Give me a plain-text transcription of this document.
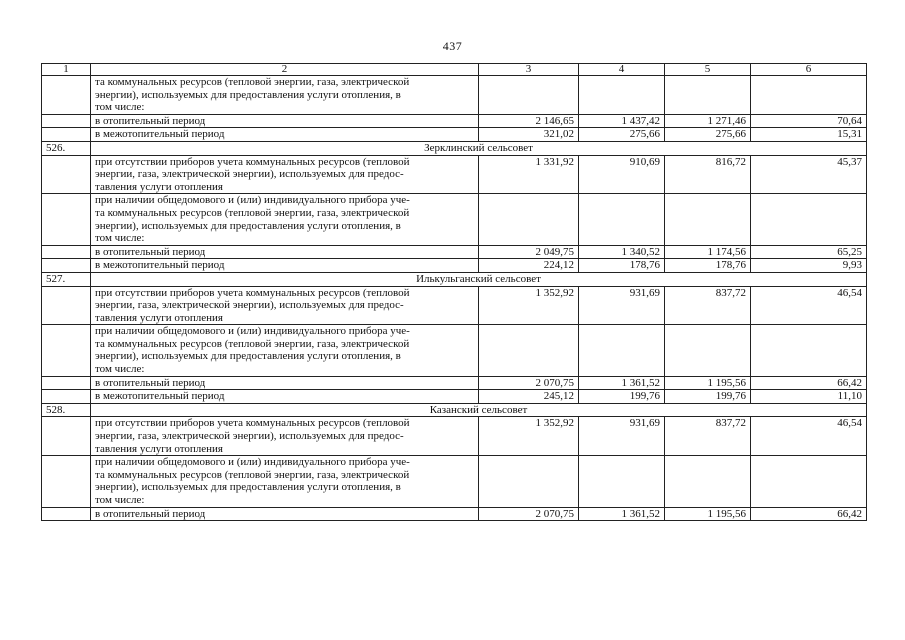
437
1	2	3	4	5	6

	та коммунальных ресурсов (тепловой энергии, газа, электрической
энергии), используемых для предоставления услуги отопления, в
том числе:				

	в отопительный период	2 146,65	1 437,42	1 271,46	70,64
	в межотопительный период	321,02	275,66	275,66	15,31
526.	Зерклинский сельсовет				

	при отсутствии приборов учета коммунальных ресурсов (тепловой
энергии, газа, электрической энергии), используемых для предос-
тавления услуги отопления	1 331,92	910,69	816,72	45,37

	при наличии общедомового и (или) индивидуального прибора уче-
та коммунальных ресурсов (тепловой энергии, газа, электрической
энергии), используемых для предоставления услуги отопления, в
том числе:				

	в отопительный период	2 049,75	1 340,52	1 174,56	65,25
	в межотопительный период	224,12	178,76	178,76	9,93
527.	Илькульганский сельсовет				

	при отсутствии приборов учета коммунальных ресурсов (тепловой
энергии, газа, электрической энергии), используемых для предос-
тавления услуги отопления	1 352,92	931,69	837,72	46,54

	при наличии общедомового и (или) индивидуального прибора уче-
та коммунальных ресурсов (тепловой энергии, газа, электрической
энергии), используемых для предоставления услуги отопления, в
том числе:				

	в отопительный период	2 070,75	1 361,52	1 195,56	66,42
	в межотопительный период	245,12	199,76	199,76	11,10
528.	Казанский сельсовет				

	при отсутствии приборов учета коммунальных ресурсов (тепловой
энергии, газа, электрической энергии), используемых для предос-
тавления услуги отопления	1 352,92	931,69	837,72	46,54

	при наличии общедомового и (или) индивидуального прибора уче-
та коммунальных ресурсов (тепловой энергии, газа, электрической
энергии), используемых для предоставления услуги отопления, в
том числе:				

	в отопительный период	2 070,75	1 361,52	1 195,56	66,42
